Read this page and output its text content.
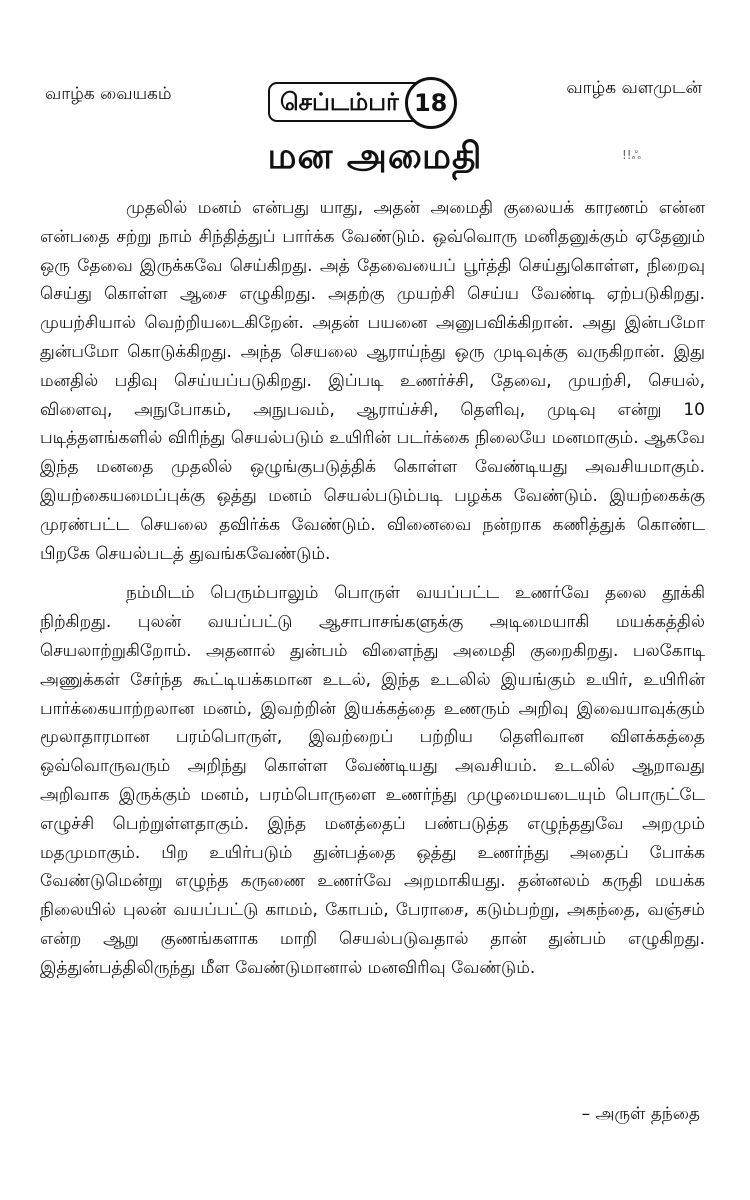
வாழ்க வையகம்	செப்டம்பர் 18
வாழ்க வளமுடன்
மன அமைதி	!!ஃ

முதலில் மனம் என்பது யாது, அதன் அமைதி குலையக் காரணம் என்ன என்பதை சற்று நாம் சிந்தித்துப் பார்க்க வேண்டும். ஒவ்வொரு மனிதனுக்கும் ஏதேனும் ஒரு தேவை இருக்கவே செய்கிறது. அத் தேவையைப் பூர்த்தி செய்துகொள்ள, நிறைவு செய்து கொள்ள ஆசை எழுகிறது. அதற்கு முயற்சி செய்ய வேண்டி ஏற்படுகிறது. முயற்சியால் வெற்றியடைகிறேன். அதன் பயனை அனுபவிக்கிறான். அது இன்பமோ துன்பமோ கொடுக்கிறது. அந்த செயலை ஆராய்ந்து ஒரு முடிவுக்கு வருகிறான். இது மனதில் பதிவு செய்யப்படுகிறது. இப்படி உணர்ச்சி, தேவை, முயற்சி, செயல், விளைவு, அநுபோகம், அநுபவம், ஆராய்ச்சி, தெளிவு, முடிவு என்று 10 படித்தளங்களில் விரிந்து செயல்படும் உயிரின் படர்க்கை நிலையே மனமாகும். ஆகவே இந்த மனதை முதலில் ஒழுங்குபடுத்திக் கொள்ள வேண்டியது அவசியமாகும். இயற்கையமைப்புக்கு ஒத்து மனம் செயல்படும்படி பழக்க வேண்டும். இயற்கைக்கு முரண்பட்ட செயலை தவிர்க்க வேண்டும். வினைவை நன்றாக கணித்துக் கொண்ட பிறகே செயல்படத் துவங்கவேண்டும்.

நம்மிடம் பெரும்பாலும் பொருள் வயப்பட்ட உணர்வே தலை தூக்கி நிற்கிறது. புலன் வயப்பட்டு ஆசாபாசங்களுக்கு அடிமையாகி மயக்கத்தில் செயலாற்றுகிறோம். அதனால் துன்பம் விளைந்து அமைதி குறைகிறது. பலகோடி அணுக்கள் சேர்ந்த கூட்டியக்கமான உடல், இந்த உடலில் இயங்கும் உயிர், உயிரின் பார்க்கையாற்றலான மனம், இவற்றின் இயக்கத்தை உணரும் அறிவு இவையாவுக்கும் மூலாதாரமான பரம்பொருள், இவற்றைப் பற்றிய தெளிவான விளக்கத்தை ஒவ்வொருவரும் அறிந்து கொள்ள வேண்டியது அவசியம். உடலில் ஆறாவது அறிவாக இருக்கும் மனம், பரம்பொருளை உணர்ந்து முழுமையடையும் பொருட்டே எழுச்சி பெற்றுள்ளதாகும். இந்த மனத்தைப் பண்படுத்த எழுந்ததுவே அறமும் மதமுமாகும். பிற உயிர்படும் துன்பத்தை ஒத்து உணர்ந்து அதைப் போக்க வேண்டுமென்று எழுந்த கருணை உணர்வே அறமாகியது. தன்னலம் கருதி மயக்க நிலையில் புலன் வயப்பட்டு காமம், கோபம், பேராசை, கடும்பற்று, அகந்தை, வஞ்சம் என்ற ஆறு குணங்களாக மாறி செயல்படுவதால் தான் துன்பம் எழுகிறது. இத்துன்பத்திலிருந்து மீள வேண்டுமானால் மனவிரிவு வேண்டும்.

– அருள் தந்தை
